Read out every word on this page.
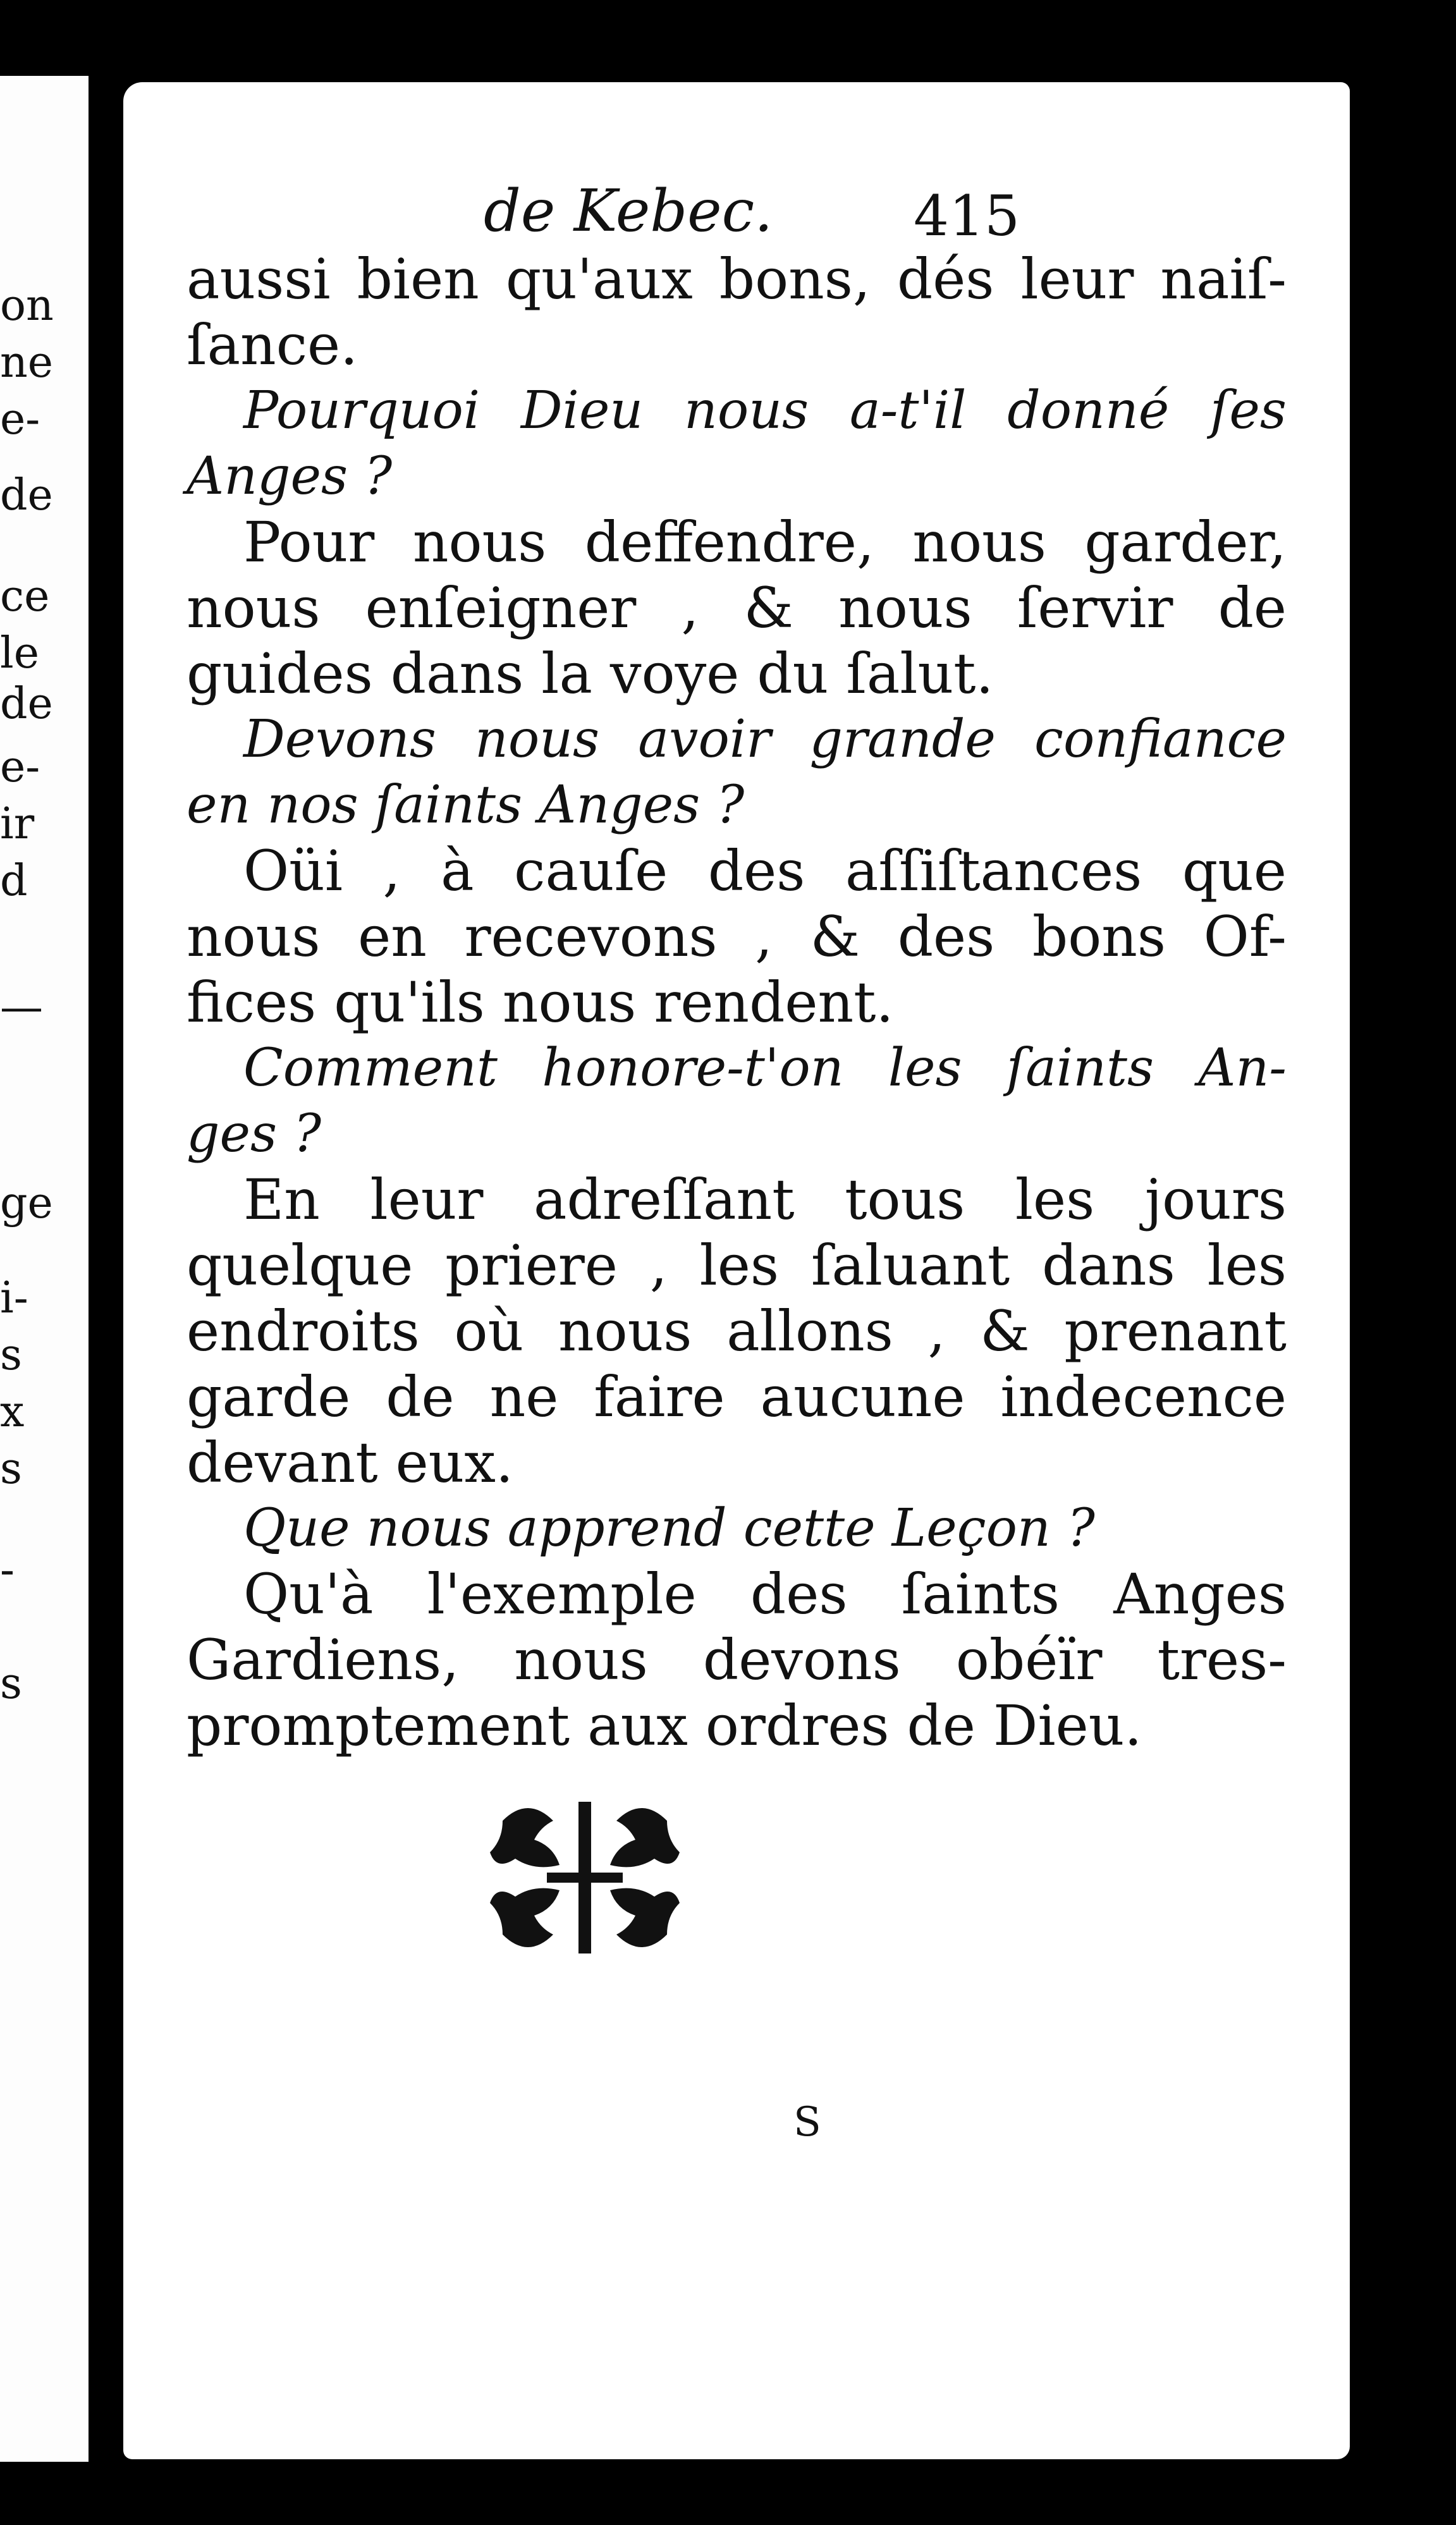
on
ne
e-
de
ce
le
de
e-
ir
d
—
ge
i-
s
x
s
-
s
de Kebec.	415
aussi bien qu'aux bons, dés leur naiſ-
ſance.
Pourquoi Dieu nous a-t'il donné ſes
Anges ?
Pour nous deffendre, nous garder,
nous enſeigner , & nous ſervir de
guides dans la voye du ſalut.
Devons nous avoir grande confiance
en nos ſaints Anges ?
Oüi , à cauſe des aſſiſtances que
nous en recevons , & des bons Of-
fices qu'ils nous rendent.
Comment honore-t'on les ſaints An-
ges ?
En leur adreſſant tous les jours
quelque priere , les ſaluant dans les
endroits où nous allons , & prenant
garde de ne faire aucune indecence
devant eux.
Que nous apprend cette Leçon ?
Qu'à l'exemple des ſaints Anges
Gardiens, nous devons obéïr tres-
promptement aux ordres de Dieu.
S
